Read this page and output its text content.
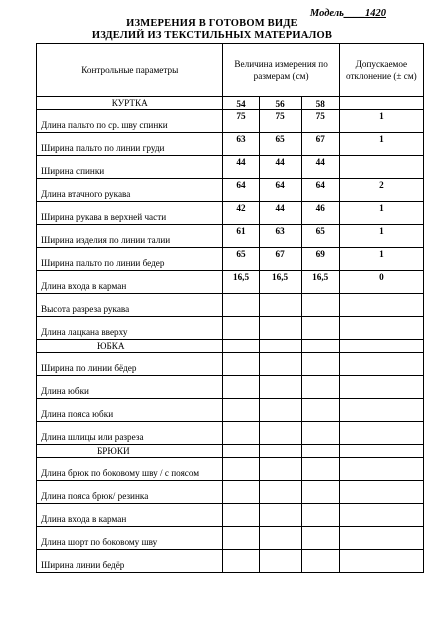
Модель____1420
ИЗМЕРЕНИЯ В ГОТОВОМ ВИДЕ
ИЗДЕЛИЙ ИЗ ТЕКСТИЛЬНЫХ МАТЕРИАЛОВ
Контрольные параметры	Величина измерения по размерам (см)			Допускаемое отклонение (± см)
КУРТКА	54	56	58	
Длина пальто по ср. шву спинки	75	75	75	1
Ширина пальто по линии груди	63	65	67	1
Ширина спинки	44	44	44	
Длина втачного рукава	64	64	64	2
Ширина рукава в верхней части	42	44	46	1
Ширина изделия по линии талии	61	63	65	1
Ширина пальто по линии бедер	65	67	69	1
Длина входа в карман	16,5	16,5	16,5	0
Высота разреза рукава				
Длина лацкана вверху				
ЮБКА				
Ширина по линии бёдер				
Длина юбки				
Длина пояса юбки				
Длина шлицы или разреза				
БРЮКИ				
Длина брюк по боковому шву / с поясом				
Длина пояса брюк/ резинка				
Длина входа в карман				
Длина шорт по боковому шву				
Ширина линии бедёр				
